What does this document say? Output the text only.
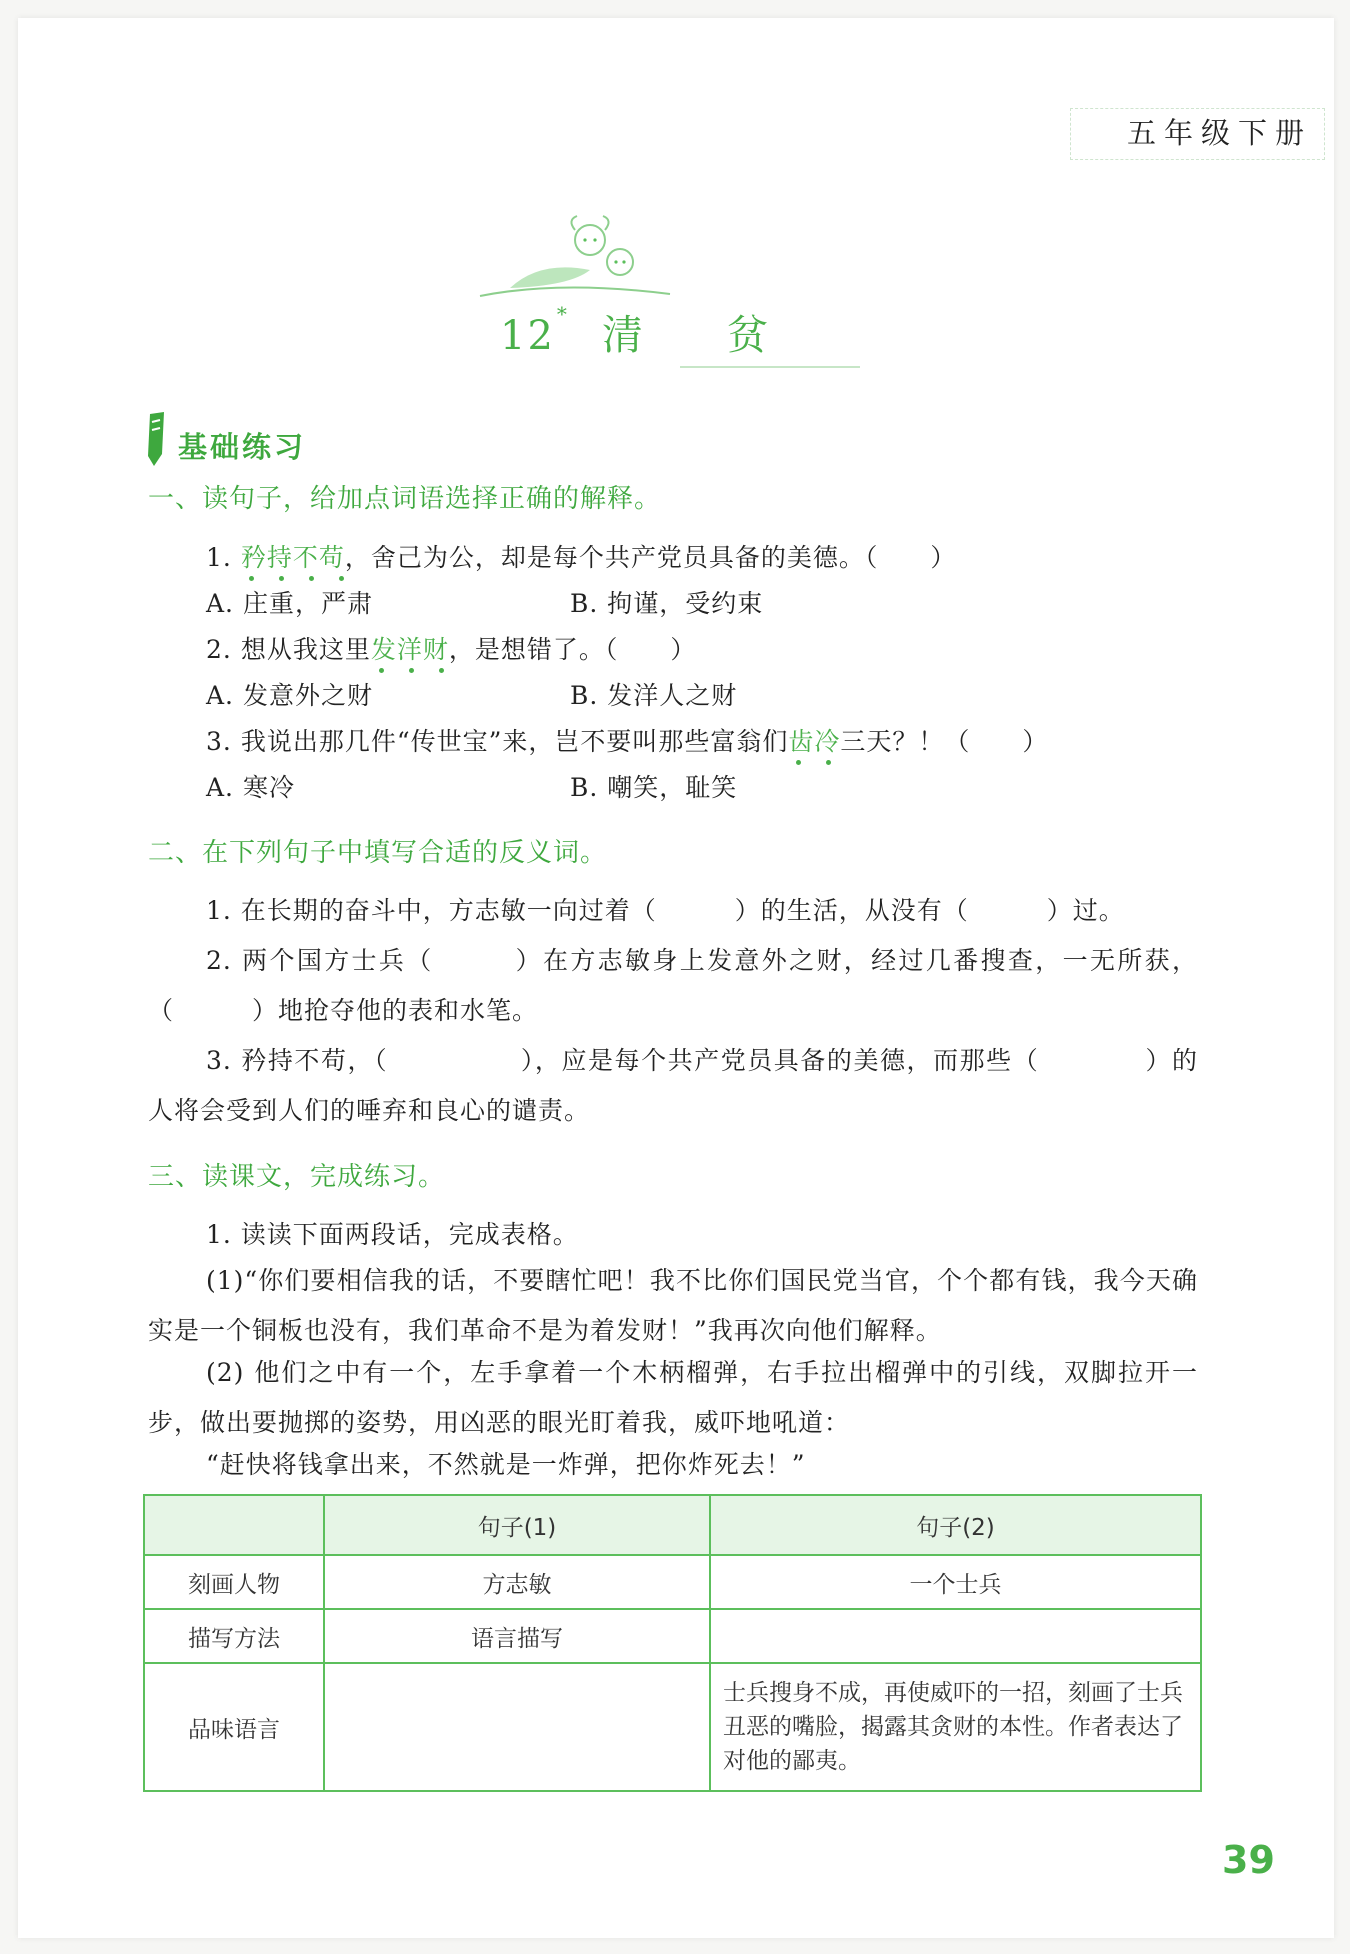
五年级下册
12 * 清 贫
基础练习
一、读句子，给加点词语选择正确的解释。
1. 矜持不苟
，舍己为公，却是每个共产党员具备的美德。（　　）
A. 庄重，严肃	B. 拘谨，受约束
2. 想从我这里发洋财
，是想错了。（　　）
A. 发意外之财	B. 发洋人之财
3. 我说出那几件“传世宝”来，岂不要叫那些富翁们齿冷
三天？！（　　）
A. 寒冷	B. 嘲笑，耻笑
二、在下列句子中填写合适的反义词。
1. 在长期的奋斗中，方志敏一向过着（　　　）的生活，从没有（　　　）过。
2. 两个国方士兵（　　　）在方志敏身上发意外之财，经过几番搜查，一无所获，（　　　）地抢夺他的表和水笔。
3. 矜持不苟，（　　　　　），应是每个共产党员具备的美德，而那些（　　　　）的人将会受到人们的唾弃和良心的谴责。
三、读课文，完成练习。
1. 读读下面两段话，完成表格。
(1)“你们要相信我的话，不要瞎忙吧！我不比你们国民党当官，个个都有钱，我今天确实是一个铜板也没有，我们革命不是为着发财！”我再次向他们解释。
(2) 他们之中有一个，左手拿着一个木柄榴弹，右手拉出榴弹中的引线，双脚拉开一步，做出要抛掷的姿势，用凶恶的眼光盯着我，威吓地吼道：
“赶快将钱拿出来，不然就是一炸弹，把你炸死去！”
	句子(1)	句子(2)
刻画人物	方志敏	一个士兵
描写方法	语言描写	
品味语言		士兵搜身不成，再使威吓的一招，刻画了士兵丑恶的嘴脸，揭露其贪财的本性。作者表达了对他的鄙夷。
39
